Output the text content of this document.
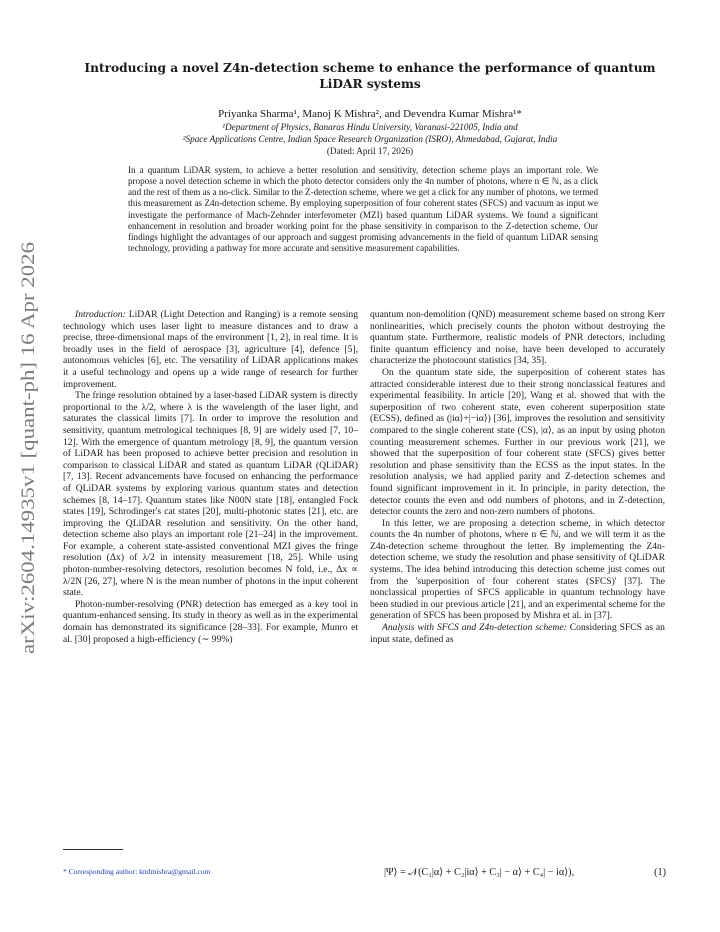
arXiv:2604.14935v1 [quant-ph] 16 Apr 2026
Introducing a novel Z4n-detection scheme to enhance the performance of quantum
LiDAR systems
Priyanka Sharma¹, Manoj K Mishra², and Devendra Kumar Mishra¹*
¹Department of Physics, Banaras Hindu University, Varanasi-221005, India and
²Space Applications Centre, Indian Space Research Organization (ISRO), Ahmedabad, Gujarat, India
(Dated: April 17, 2026)
In a quantum LiDAR system, to achieve a better resolution and sensitivity, detection scheme plays an important role. We propose a novel detection scheme in which the photo detector considers only the 4n number of photons, where n ∈ ℕ, as a click and the rest of them as a no-click. Similar to the Z-detection scheme, where we get a click for any number of photons, we termed this measurement as Z4n-detection scheme. By employing superposition of four coherent states (SFCS) and vacuum as input we investigate the performance of Mach-Zehnder interferometer (MZI) based quantum LiDAR systems. We found a significant enhancement in resolution and broader working point for the phase sensitivity in comparison to the Z-detection scheme. Our findings highlight the advantages of our approach and suggest promising advancements in the field of quantum LiDAR sensing technology, providing a pathway for more accurate and sensitive measurement capabilities.

Introduction: LiDAR (Light Detection and Ranging) is a remote sensing technology which uses laser light to measure distances and to draw a precise, three-dimensional maps of the environment [1, 2], in real time. It is broadly uses in the field of aerospace [3], agriculture [4], defence [5], autonomous vehicles [6], etc. The versatility of LiDAR applications makes it a useful technology and opens up a wide range of research for further improvement.

The fringe resolution obtained by a laser-based LiDAR system is directly proportional to the λ/2, where λ is the wavelength of the laser light, and saturates the classical limits [7]. In order to improve the resolution and sensitivity, quantum metrological techniques [8, 9] are widely used [7, 10–12]. With the emergence of quantum metrology [8, 9], the quantum version of LiDAR has been proposed to achieve better precision and resolution in comparison to classical LiDAR and stated as quantum LiDAR (QLiDAR) [7, 13]. Recent advancements have focused on enhancing the performance of QLiDAR systems by exploring various quantum states and detection schemes [8, 14–17]. Quantum states like N00N state [18], entangled Fock states [19], Schrodinger's cat states [20], multi-photonic states [21], etc. are improving the QLiDAR resolution and sensitivity. On the other hand, detection scheme also plays an important role [21–24] in the improvement. For example, a coherent state-assisted conventional MZI gives the fringe resolution (Δx) of λ/2 in intensity measurement [18, 25]. While using photon-number-resolving detectors, resolution becomes N fold, i.e., Δx ∝ λ/2N [26, 27], where N is the mean number of photons in the input coherent state.

Photon-number-resolving (PNR) detection has emerged as a key tool in quantum-enhanced sensing. Its study in theory as well as in the experimental domain has demonstrated its significance [28–33]. For example, Munro et al. [30] proposed a high-efficiency (∼ 99%)

quantum non-demolition (QND) measurement scheme based on strong Kerr nonlinearities, which precisely counts the photon without destroying the quantum state. Furthermore, realistic models of PNR detectors, including finite quantum efficiency and noise, have been developed to accurately characterize the photocount statistics [34, 35].

On the quantum state side, the superposition of coherent states has attracted considerable interest due to their strong nonclassical features and experimental feasibility. In article [20], Wang et al. showed that with the superposition of two coherent state, even coherent superposition state (ECSS), defined as (|iα⟩+|−iα⟩) [36], improves the resolution and sensitivity compared to the single coherent state (CS), |α⟩, as an input by using photon counting measurement schemes. Further in our previous work [21], we showed that the superposition of four coherent state (SFCS) gives better resolution and phase sensitivity than the ECSS as the input states. In the resolution analysis, we had applied parity and Z-detection schemes and found significant improvement in it. In principle, in parity detection, the detector counts the even and odd numbers of photons, and in Z-detection, detector counts the zero and non-zero numbers of photons.

In this letter, we are proposing a detection scheme, in which detector counts the 4n number of photons, where n ∈ ℕ, and we will term it as the Z4n-detection scheme throughout the letter. By implementing the Z4n-detection scheme, we study the resolution and phase sensitivity of QLiDAR systems. The idea behind introducing this detection scheme just comes out from the 'superposition of four coherent states (SFCS)' [37]. The nonclassical properties of SFCS applicable in quantum technology have been studied in our previous article [21], and an experimental scheme for the generation of SFCS has been proposed by Mishra et al. in [37].

Analysis with SFCS and Z4n-detection scheme: Considering SFCS as an input state, defined as

|Ψ⟩ = 𝒩(C₁|α⟩ + C₂|iα⟩ + C₃| − α⟩ + C₄| − iα⟩),	(1)
* Corresponding author: kndmishra@gmail.com
